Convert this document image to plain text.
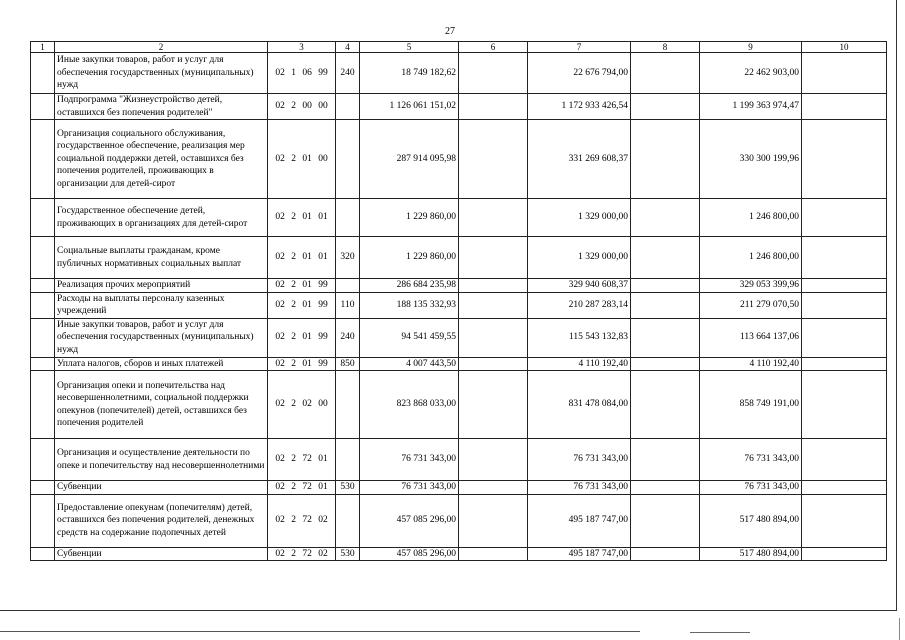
27
1	2	3	4	5	6	7	8	9	10
	Иные закупки товаров, работ и услуг для обеспечения государственных (муниципальных) нужд	02 1 06 99	240	18 749 182,62		22 676 794,00		22 462 903,00	
	Подпрограмма "Жизнеустройство детей, оставшихся без попечения родителей"	02 2 00 00		1 126 061 151,02		1 172 933 426,54		1 199 363 974,47	
	Организация социального обслуживания, государственное обеспечение, реализация мер социальной поддержки детей, оставшихся без попечения родителей, проживающих в организации для детей-сирот	02 2 01 00		287 914 095,98		331 269 608,37		330 300 199,96	
	Государственное обеспечение детей, проживающих в организациях для детей-сирот	02 2 01 01		1 229 860,00		1 329 000,00		1 246 800,00	
	Социальные выплаты гражданам, кроме публичных нормативных социальных выплат	02 2 01 01	320	1 229 860,00		1 329 000,00		1 246 800,00	
	Реализация прочих мероприятий	02 2 01 99		286 684 235,98		329 940 608,37		329 053 399,96	
	Расходы на выплаты персоналу казенных учреждений	02 2 01 99	110	188 135 332,93		210 287 283,14		211 279 070,50	
	Иные закупки товаров, работ и услуг для обеспечения государственных (муниципальных) нужд	02 2 01 99	240	94 541 459,55		115 543 132,83		113 664 137,06	
	Уплата налогов, сборов и иных платежей	02 2 01 99	850	4 007 443,50		4 110 192,40		4 110 192,40	
	Организация опеки и попечительства над несовершеннолетними, социальной поддержки опекунов (попечителей) детей, оставшихся без попечения родителей	02 2 02 00		823 868 033,00		831 478 084,00		858 749 191,00	
	Организация и осуществление деятельности по опеке и попечительству над несовершеннолетними	02 2 72 01		76 731 343,00		76 731 343,00		76 731 343,00	
	Субвенции	02 2 72 01	530	76 731 343,00		76 731 343,00		76 731 343,00	
	Предоставление опекунам (попечителям) детей, оставшихся без попечения родителей, денежных средств на содержание подопечных детей	02 2 72 02		457 085 296,00		495 187 747,00		517 480 894,00	
	Субвенции	02 2 72 02	530	457 085 296,00		495 187 747,00		517 480 894,00	
